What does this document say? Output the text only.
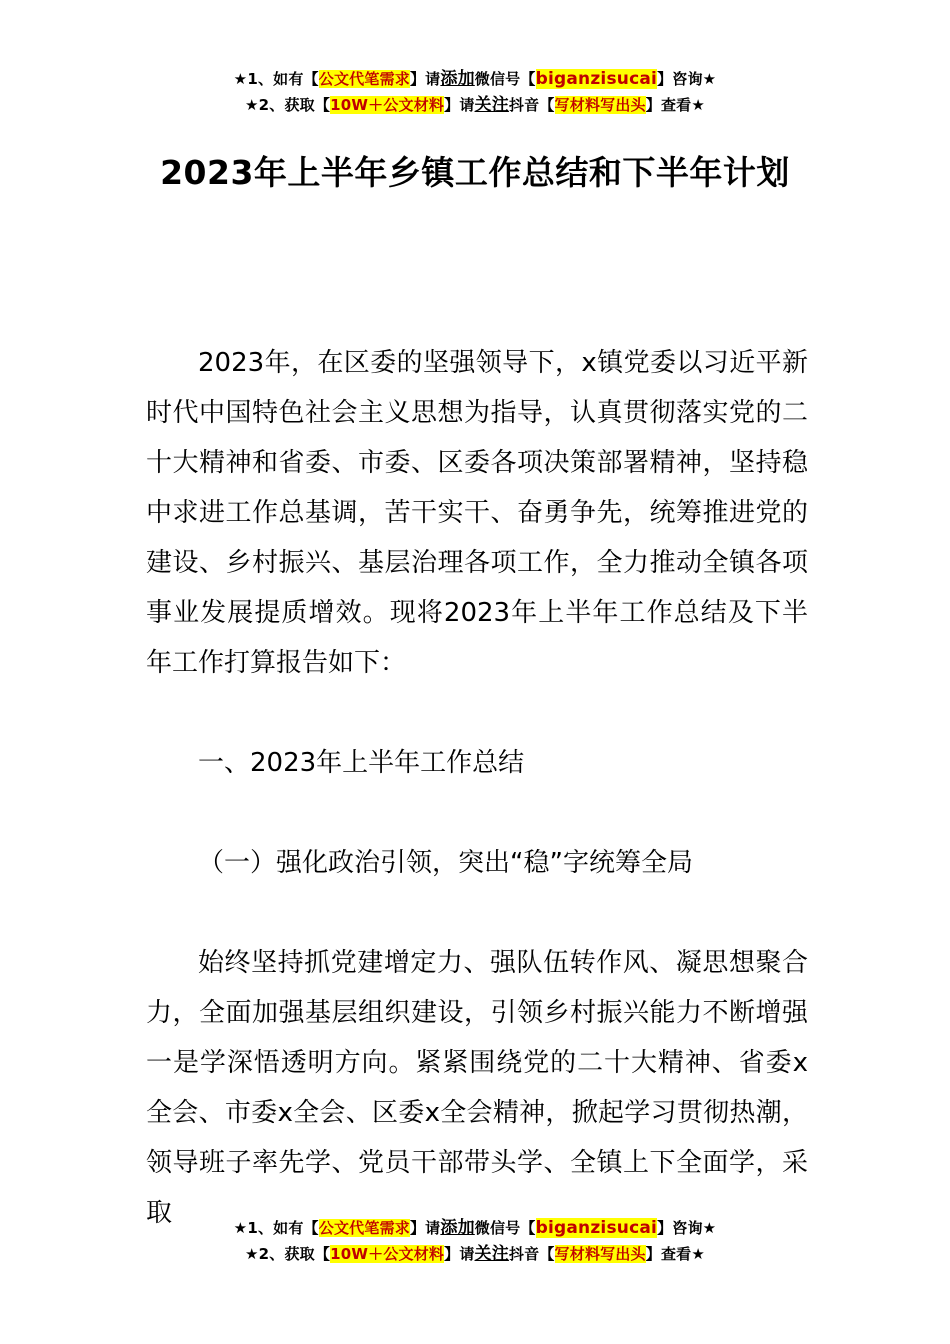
★1、如有【公文代笔需求】请添加微信号【biganzisucai】咨询★
★2、获取【10W＋公文材料】请关注抖音【写材料写出头】查看★
2023年上半年乡镇工作总结和下半年计划

2023年，在区委的坚强领导下，x镇党委以习近平新时代中国特色社会主义思想为指导，认真贯彻落实党的二十大精神和省委、市委、区委各项决策部署精神，坚持稳中求进工作总基调，苦干实干、奋勇争先，统筹推进党的建设、乡村振兴、基层治理各项工作，全力推动全镇各项事业发展提质增效。现将2023年上半年工作总结及下半年工作打算报告如下：

一、2023年上半年工作总结

（一）强化政治引领，突出“稳”字统筹全局

始终坚持抓党建增定力、强队伍转作风、凝思想聚合力，全面加强基层组织建设，引领乡村振兴能力不断增强一是学深悟透明方向。紧紧围绕党的二十大精神、省委x全会、市委x全会、区委x全会精神，掀起学习贯彻热潮，领导班子率先学、党员干部带头学、全镇上下全面学，采取	★1、如有【公文代笔需求】请添加微信号【biganzisucai】咨询★
★2、获取【10W＋公文材料】请关注抖音【写材料写出头】查看★
